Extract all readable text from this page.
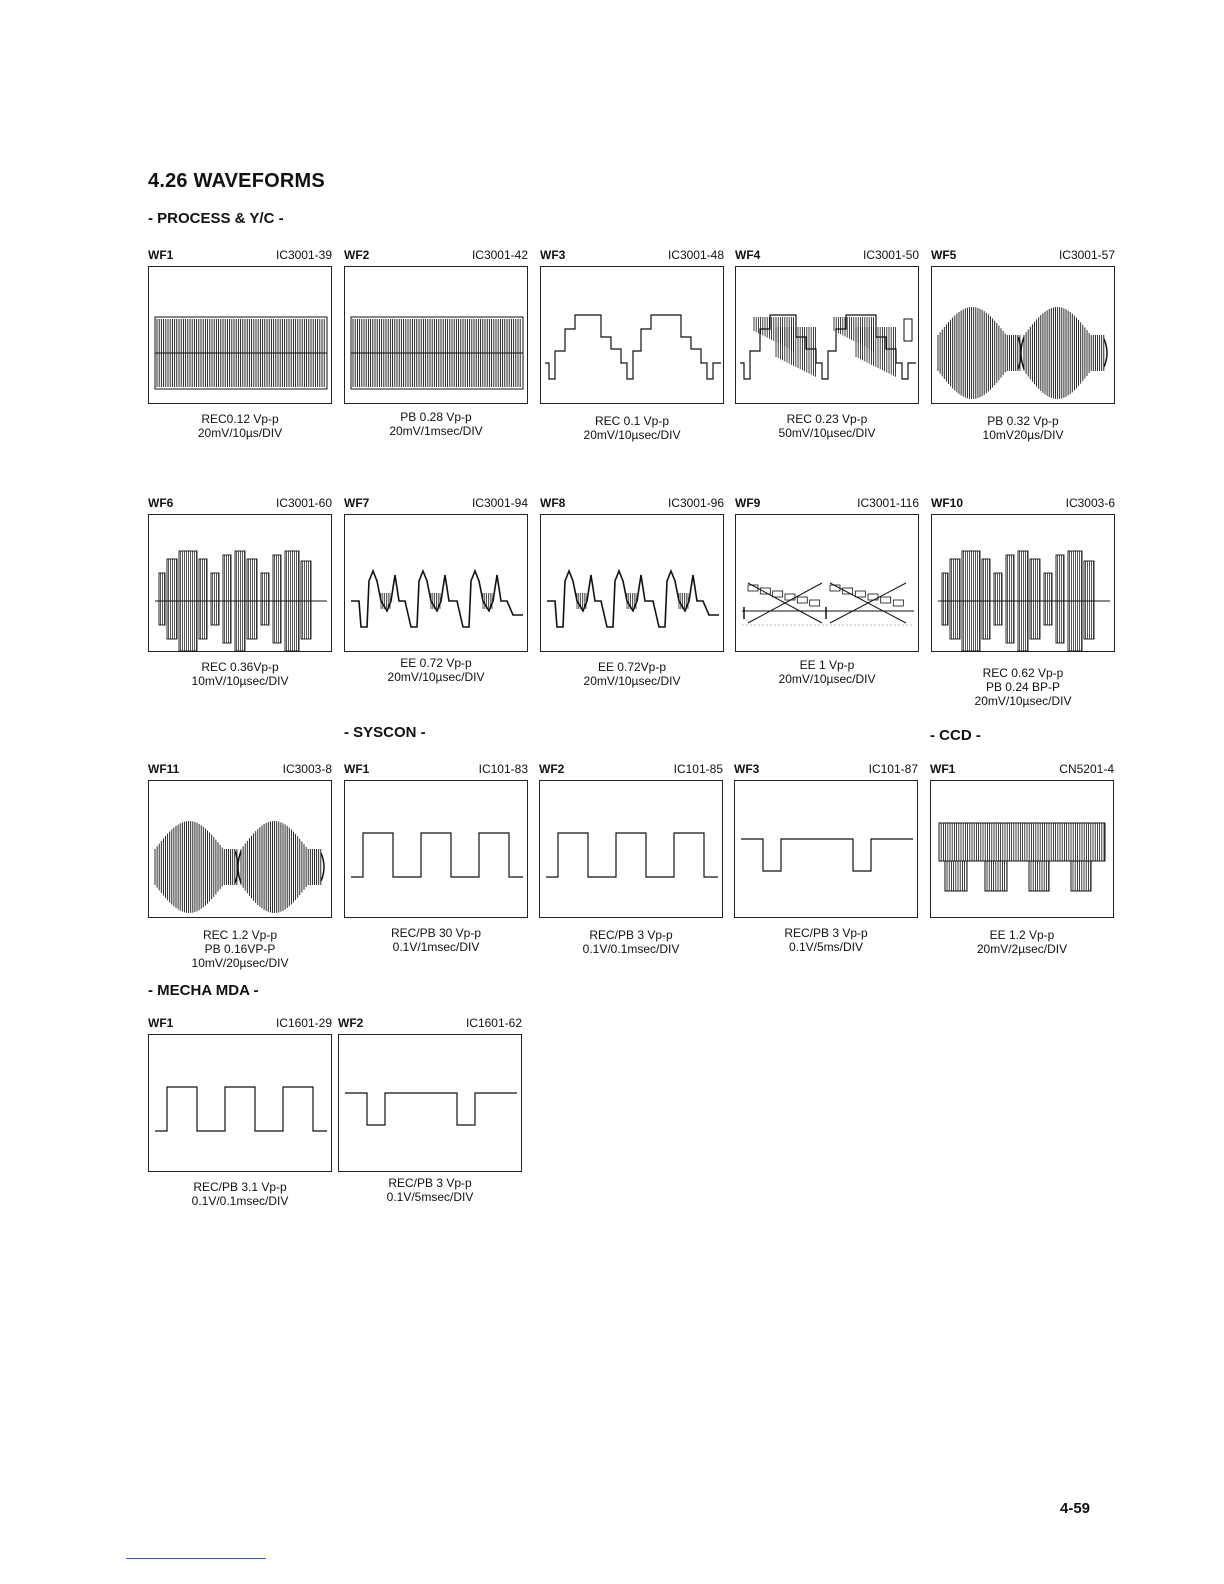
4.26 WAVEFORMS
- PROCESS & Y/C -
- SYSCON -	- CCD -
- MECHA MDA -
WF1	IC3001-39
REC0.12 Vp-p
20mV/10µs/DIV
WF2	IC3001-42
PB 0.28 Vp-p
20mV/1msec/DIV
WF3	IC3001-48
REC 0.1 Vp-p
20mV/10µsec/DIV
WF4	IC3001-50
REC 0.23 Vp-p
50mV/10µsec/DIV
WF5	IC3001-57
PB 0.32 Vp-p
10mV20µs/DIV
WF6	IC3001-60
REC 0.36Vp-p
10mV/10µsec/DIV
WF7	IC3001-94
EE 0.72 Vp-p
20mV/10µsec/DIV
WF8	IC3001-96
EE 0.72Vp-p
20mV/10µsec/DIV
WF9	IC3001-116
EE 1 Vp-p
20mV/10µsec/DIV
WF10	IC3003-6
REC 0.62 Vp-p
PB 0.24 BP-P
20mV/10µsec/DIV
WF11	IC3003-8
REC 1.2 Vp-p
PB 0.16VP-P
10mV/20µsec/DIV
WF1	IC101-83
REC/PB 30 Vp-p
0.1V/1msec/DIV
WF2	IC101-85
REC/PB 3 Vp-p
0.1V/0.1msec/DIV
WF3	IC101-87
REC/PB 3 Vp-p
0.1V/5ms/DIV
WF1	CN5201-4
EE 1.2 Vp-p
20mV/2µsec/DIV
WF1	IC1601-29
REC/PB 3.1 Vp-p
0.1V/0.1msec/DIV
WF2	IC1601-62
REC/PB 3 Vp-p
0.1V/5msec/DIV
4-59
